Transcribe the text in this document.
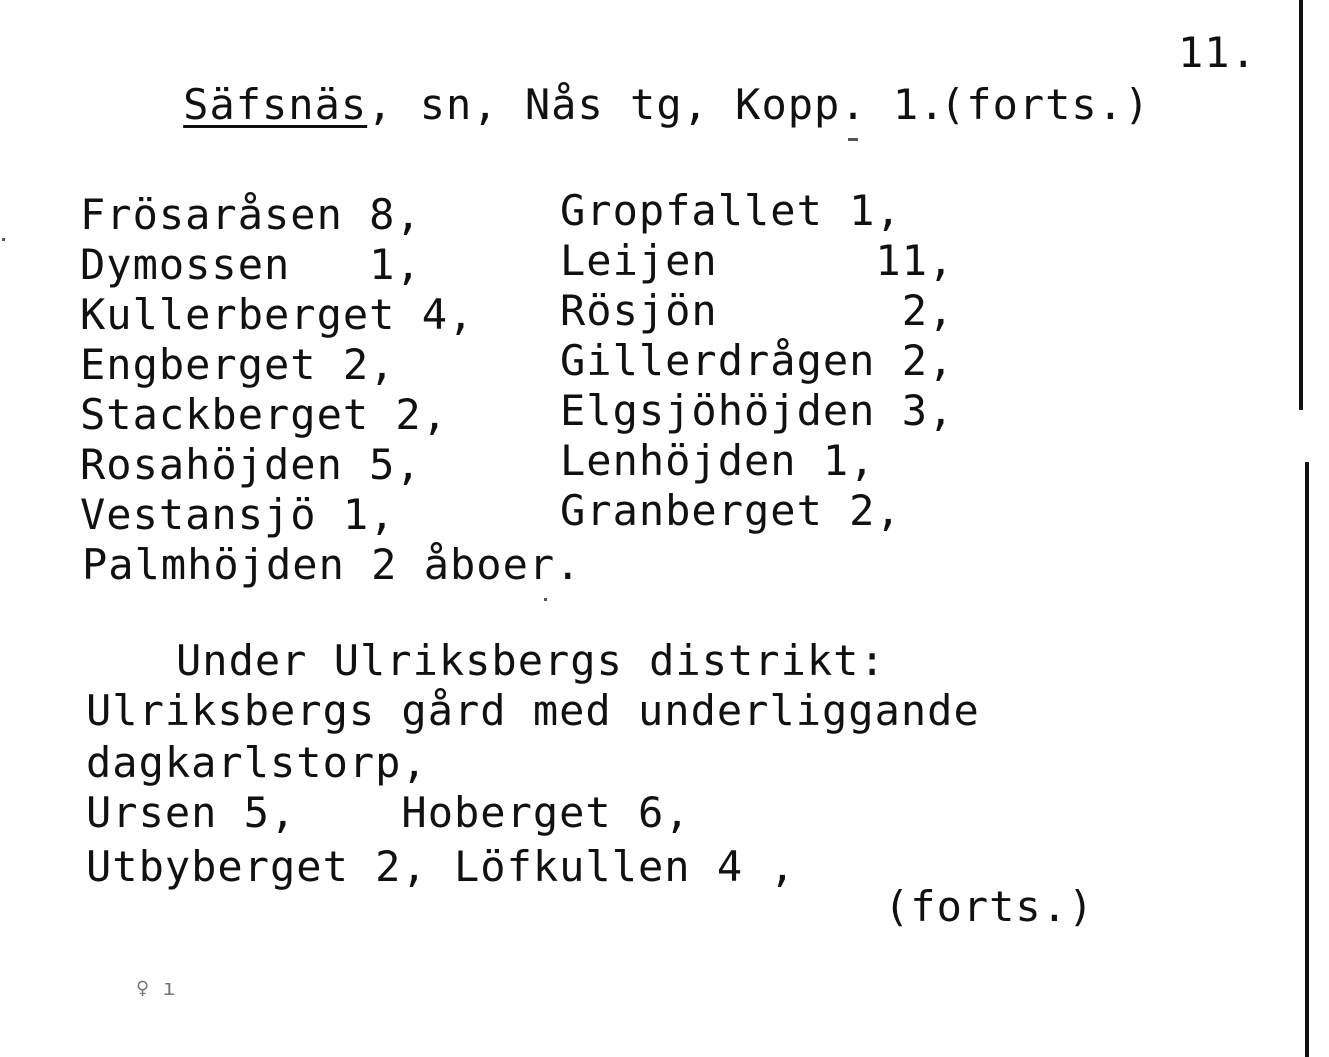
Säfsnäs, sn, Nås tg, Kopp. 1.

11.
(forts.)
Frösaråsen 8,
Dymossen   1,
Kullerberget 4,
Engberget 2,
Stackberget 2,
Rosahöjden 5,
Vestansjö 1,
Gropfallet 1,
Leijen      11,
Rösjön       2,
Gillerdrågen 2,
Elgsjöhöjden 3,
Lenhöjden 1,
Granberget 2,
Palmhöjden 2 åboer.
Under Ulriksbergs distrikt:
Ulriksbergs gård med underliggande
dagkarlstorp,
Ursen 5,    Hoberget 6,
Utbyberget 2, Löfkullen 4 ,
(forts.)
♀ ı
